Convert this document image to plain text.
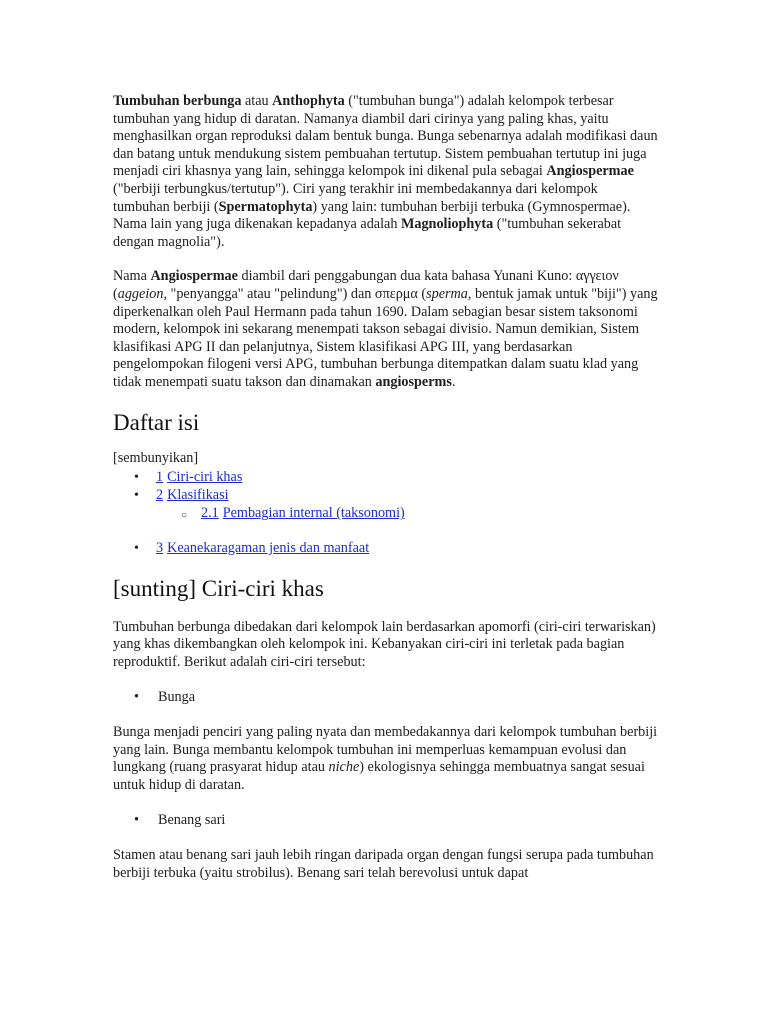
Tumbuhan berbunga atau Anthophyta ("tumbuhan bunga") adalah kelompok terbesar tumbuhan yang hidup di daratan. Namanya diambil dari cirinya yang paling khas, yaitu menghasilkan organ reproduksi dalam bentuk bunga. Bunga sebenarnya adalah modifikasi daun dan batang untuk mendukung sistem pembuahan tertutup. Sistem pembuahan tertutup ini juga menjadi ciri khasnya yang lain, sehingga kelompok ini dikenal pula sebagai Angiospermae ("berbiji terbungkus/tertutup"). Ciri yang terakhir ini membedakannya dari kelompok tumbuhan berbiji (Spermatophyta) yang lain: tumbuhan berbiji terbuka (Gymnospermae). Nama lain yang juga dikenakan kepadanya adalah Magnoliophyta ("tumbuhan sekerabat dengan magnolia").

Nama Angiospermae diambil dari penggabungan dua kata bahasa Yunani Kuno: αγγειον (aggeion, "penyangga" atau "pelindung") dan σπερμα (sperma, bentuk jamak untuk "biji") yang diperkenalkan oleh Paul Hermann pada tahun 1690. Dalam sebagian besar sistem taksonomi modern, kelompok ini sekarang menempati takson sebagai divisio. Namun demikian, Sistem klasifikasi APG II dan pelanjutnya, Sistem klasifikasi APG III, yang berdasarkan pengelompokan filogeni versi APG, tumbuhan berbunga ditempatkan dalam suatu klad yang tidak menempati suatu takson dan dinamakan angiosperms.

Daftar isi

[sembunyikan]

• 1 Ciri-ciri khas
• 2 Klasifikasi
○ 2.1 Pembagian internal (taksonomi)
• 3 Keanekaragaman jenis dan manfaat
[sunting] Ciri-ciri khas

Tumbuhan berbunga dibedakan dari kelompok lain berdasarkan apomorfi (ciri-ciri terwariskan) yang khas dikembangkan oleh kelompok ini. Kebanyakan ciri-ciri ini terletak pada bagian reproduktif. Berikut adalah ciri-ciri tersebut:

• Bunga

Bunga menjadi penciri yang paling nyata dan membedakannya dari kelompok tumbuhan berbiji yang lain. Bunga membantu kelompok tumbuhan ini memperluas kemampuan evolusi dan lungkang (ruang prasyarat hidup atau niche) ekologisnya sehingga membuatnya sangat sesuai untuk hidup di daratan.

• Benang sari

Stamen atau benang sari jauh lebih ringan daripada organ dengan fungsi serupa pada tumbuhan berbiji terbuka (yaitu strobilus). Benang sari telah berevolusi untuk dapat
